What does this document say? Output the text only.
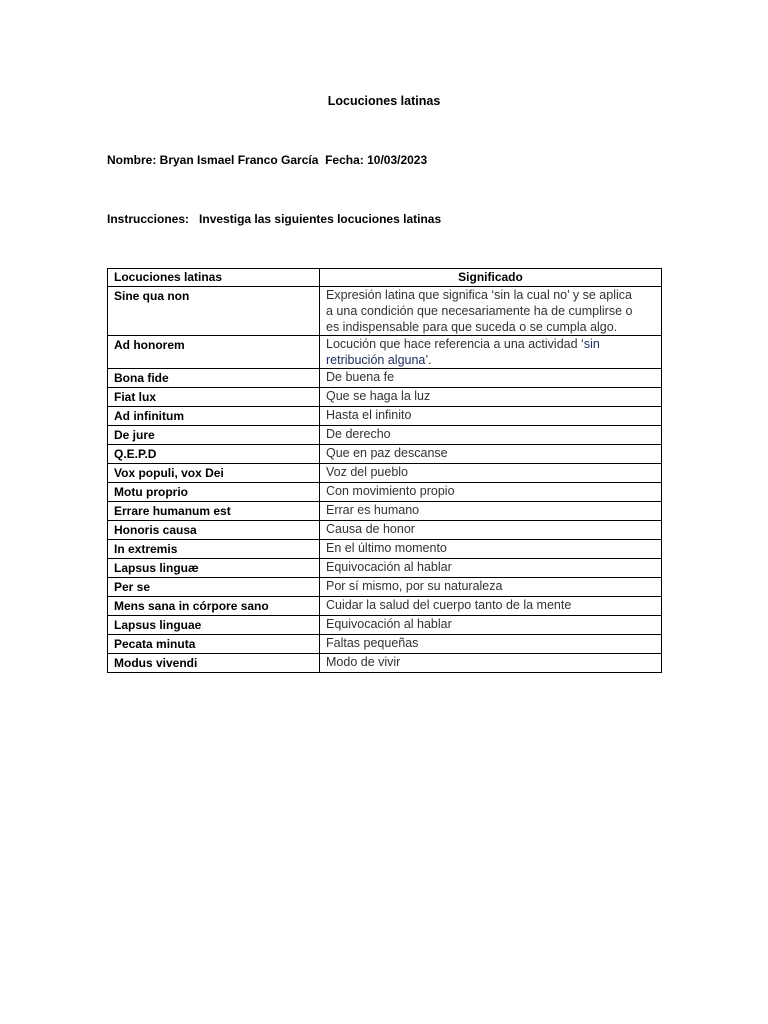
Locuciones latinas
Nombre: Bryan Ismael Franco García  Fecha: 10/03/2023
Instrucciones: Investiga las siguientes locuciones latinas
Locuciones latinas	Significado
Sine qua non	Expresión latina que significa ‘sin la cual no’ y se aplica
a una condición que necesariamente ha de cumplirse o
es indispensable para que suceda o se cumpla algo.
Ad honorem	Locución que hace referencia a una actividad ‘sin
retribución alguna’.
Bona fide	De buena fe
Fiat lux	Que se haga la luz
Ad infinitum	Hasta el infinito
De jure	De derecho
Q.E.P.D	Que en paz descanse
Vox populi, vox Dei	Voz del pueblo
Motu proprio	Con movimiento propio
Errare humanum est	Errar es humano
Honoris causa	Causa de honor
In extremis	En el último momento
Lapsus linguæ	Equivocación al hablar
Per se	Por sí mismo, por su naturaleza
Mens sana in córpore sano	Cuidar la salud del cuerpo tanto de la mente
Lapsus linguae	Equivocación al hablar
Pecata minuta	Faltas pequeñas
Modus vivendi	Modo de vivir
